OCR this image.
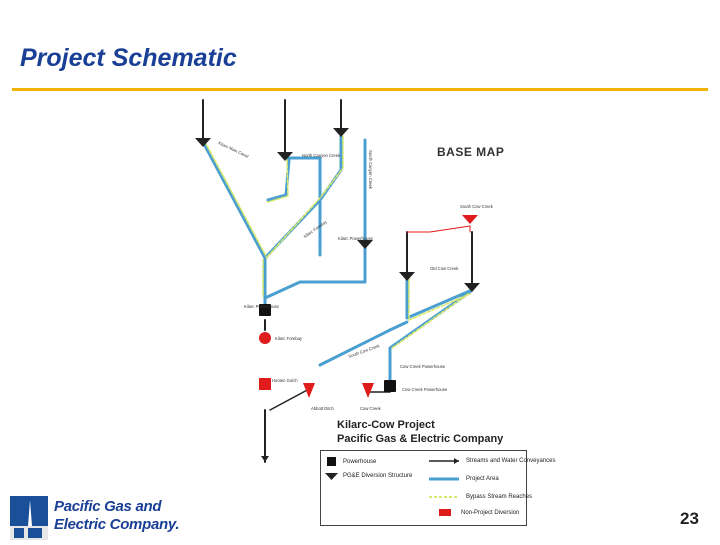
Project Schematic
Kilarc Main Canal	North Canyon Creek	South Canyon Creek
Kilarc Forebay Kilarc Powerhouse
Old Cow Creek
South Cow Creek
Kilarc Powerhouse
Kilarc Forebay
South Cow Creek
Cow Creek Powerhouse
Cow Creek Powerhouse
Hooten Gulch
Abbott Ditch	Cow Creek
BASE MAP
Kilarc-Cow Project
Pacific Gas & Electric Company
Powerhouse
PG&E Diversion Structure
Streams and Water Conveyances
Project Area
Bypass Stream Reaches
Non-Project Diversion
Pacific Gas and
Electric Company.	23
